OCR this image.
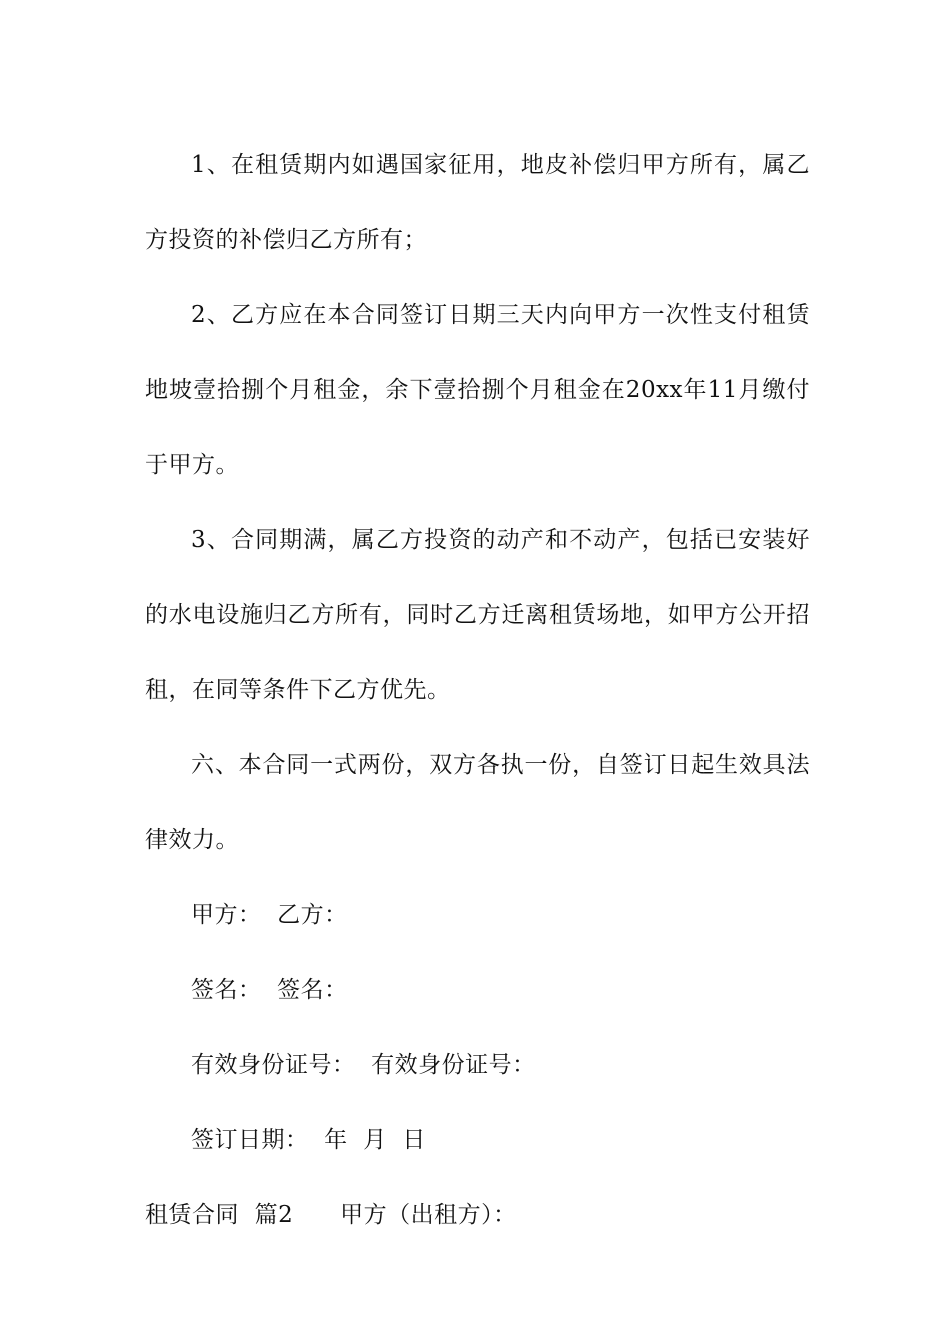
1、在租赁期内如遇国家征用，地皮补偿归甲方所有，属乙方投资的补偿归乙方所有；

2、乙方应在本合同签订日期三天内向甲方一次性支付租赁地坡壹拾捌个月租金，余下壹拾捌个月租金在20xx年11月缴付于甲方。

3、合同期满，属乙方投资的动产和不动产，包括已安装好的水电设施归乙方所有，同时乙方迁离租赁场地，如甲方公开招租，在同等条件下乙方优先。

六、本合同一式两份，双方各执一份，自签订日起生效具法律效力。

甲方：  乙方：

签名：  签名：

有效身份证号：  有效身份证号：

签订日期：  年  月  日

租赁合同  篇2      甲方（出租方）：
